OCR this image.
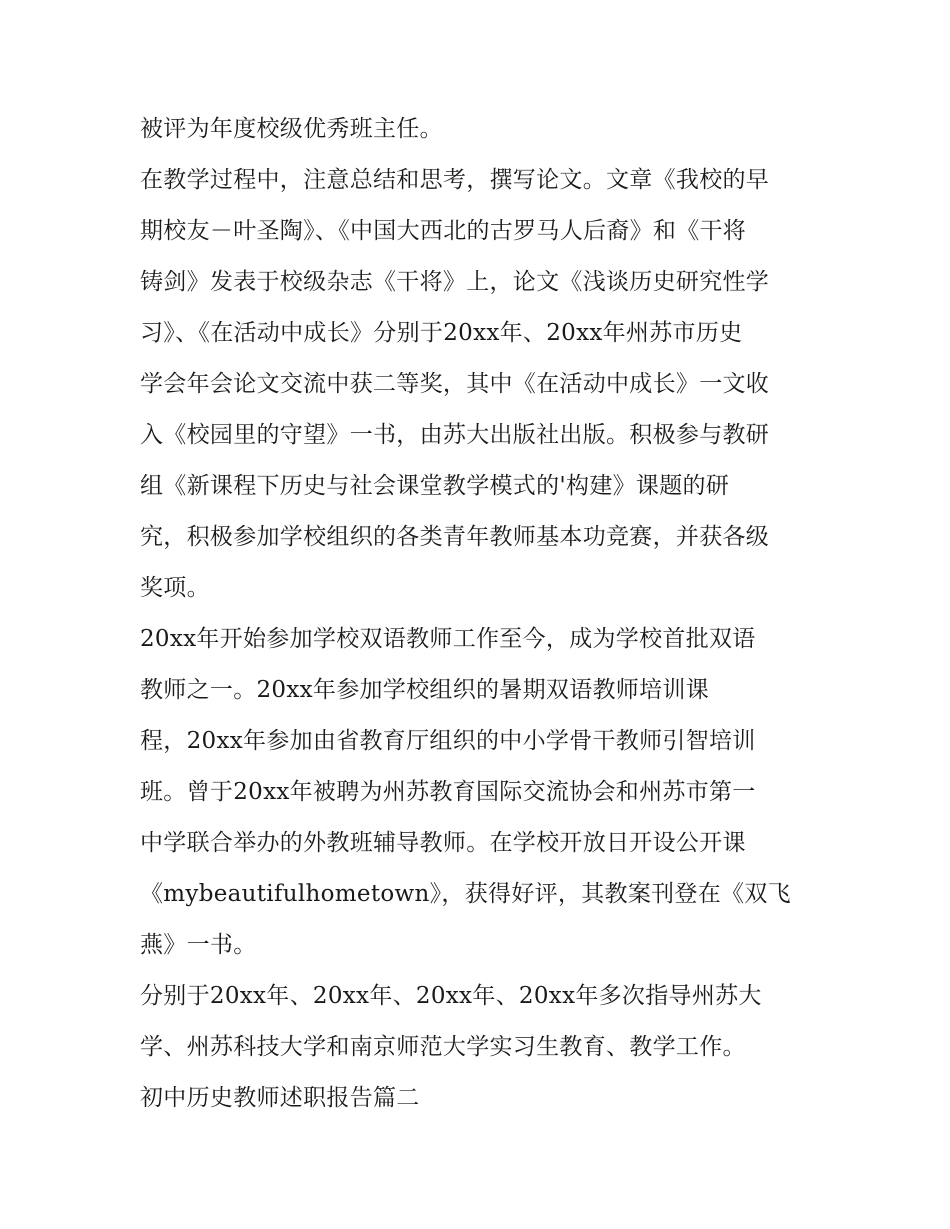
被评为年度校级优秀班主任。
在教学过程中，注意总结和思考，撰写论文。文章《我校的早
期校友－叶圣陶》、《中国大西北的古罗马人后裔》和《干将
铸剑》发表于校级杂志《干将》上，论文《浅谈历史研究性学
习》、《在活动中成长》分别于20xx年、20xx年州苏市历史
学会年会论文交流中获二等奖，其中《在活动中成长》一文收
入《校园里的守望》一书，由苏大出版社出版。积极参与教研
组《新课程下历史与社会课堂教学模式的'构建》课题的研
究，积极参加学校组织的各类青年教师基本功竞赛，并获各级
奖项。
20xx年开始参加学校双语教师工作至今，成为学校首批双语
教师之一。20xx年参加学校组织的暑期双语教师培训课
程，20xx年参加由省教育厅组织的中小学骨干教师引智培训
班。曾于20xx年被聘为州苏教育国际交流协会和州苏市第一
中学联合举办的外教班辅导教师。在学校开放日开设公开课
《mybeautifulhometown》，获得好评，其教案刊登在《双飞
燕》一书。
分别于20xx年、20xx年、20xx年、20xx年多次指导州苏大
学、州苏科技大学和南京师范大学实习生教育、教学工作。
初中历史教师述职报告篇二
